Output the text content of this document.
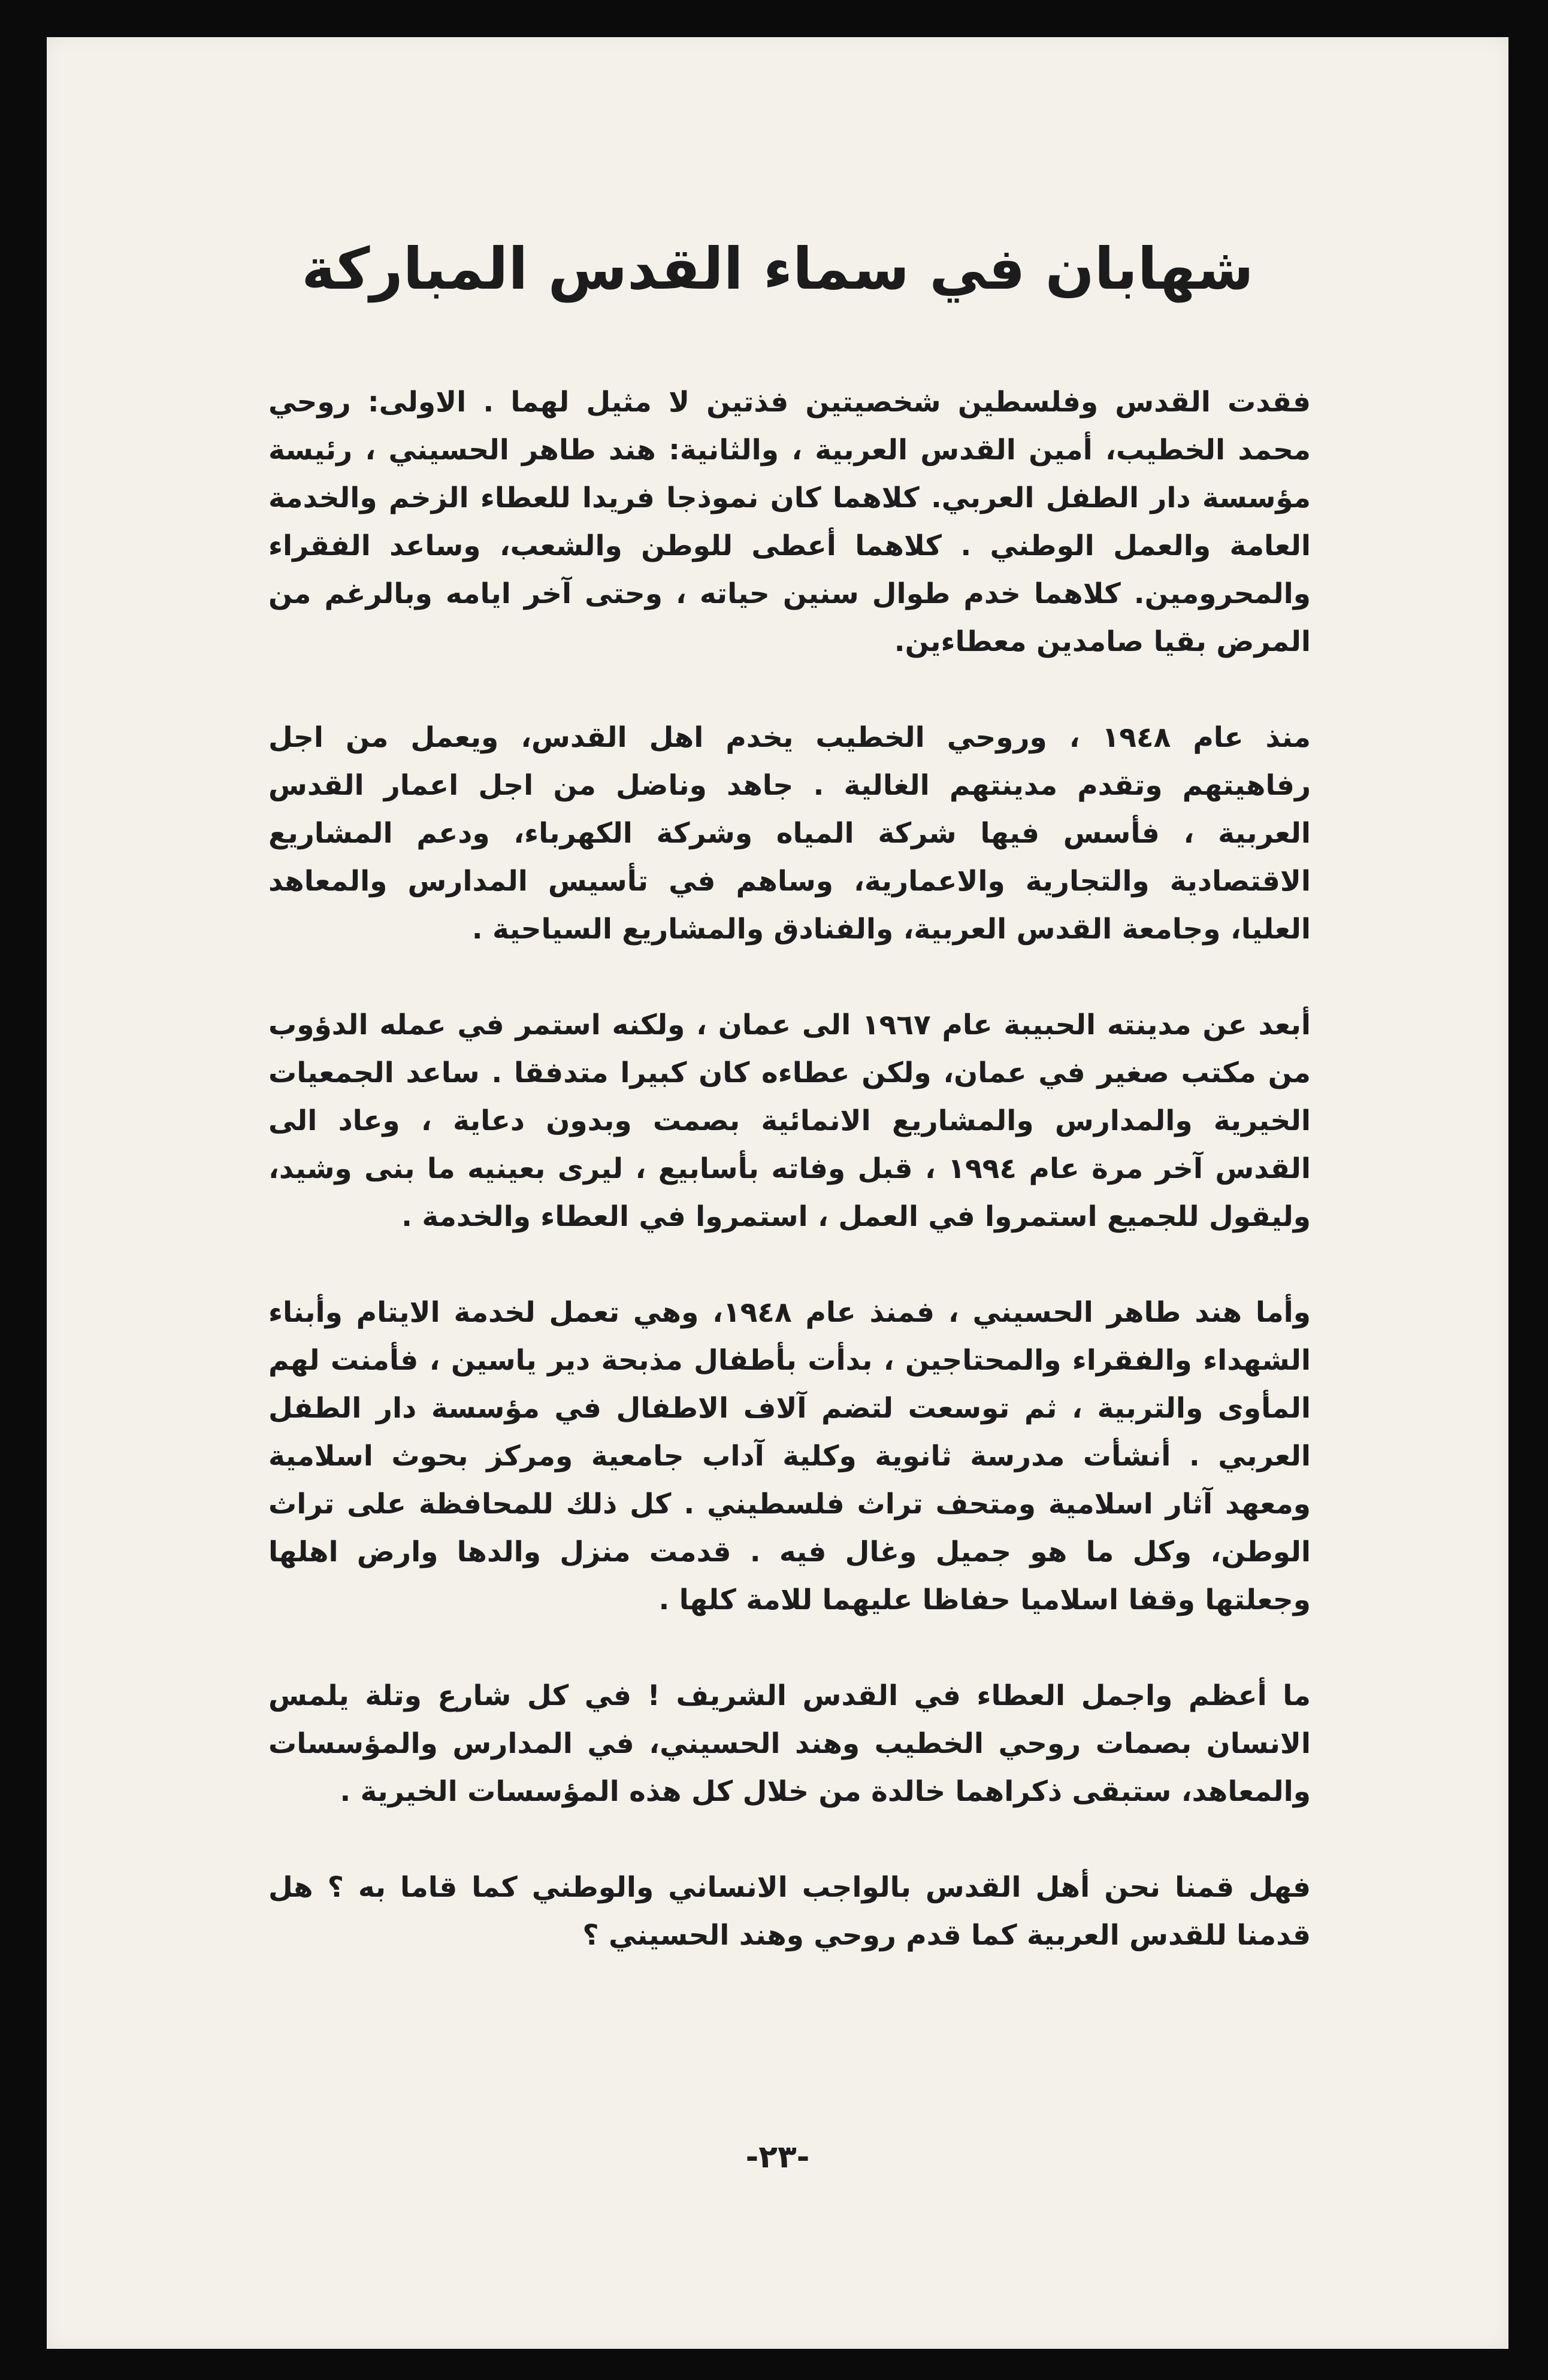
شهابان في سماء القدس المباركة

فقدت القدس وفلسطين شخصيتين فذتين لا مثيل لهما . الاولى: روحي محمد الخطيب، أمين القدس العربية ، والثانية: هند طاهر الحسيني ، رئيسة مؤسسة دار الطفل العربي. كلاهما كان نموذجا فريدا للعطاء الزخم والخدمة العامة والعمل الوطني . كلاهما أعطى للوطن والشعب، وساعد الفقراء والمحرومين. كلاهما خدم طوال سنين حياته ، وحتى آخر ايامه وبالرغم من المرض بقيا صامدين معطاءين.

منذ عام ١٩٤٨ ، وروحي الخطيب يخدم اهل القدس، ويعمل من اجل رفاهيتهم وتقدم مدينتهم الغالية . جاهد وناضل من اجل اعمار القدس العربية ، فأسس فيها شركة المياه وشركة الكهرباء، ودعم المشاريع الاقتصادية والتجارية والاعمارية، وساهم في تأسيس المدارس والمعاهد العليا، وجامعة القدس العربية، والفنادق والمشاريع السياحية .

أبعد عن مدينته الحبيبة عام ١٩٦٧ الى عمان ، ولكنه استمر في عمله الدؤوب من مكتب صغير في عمان، ولكن عطاءه كان كبيرا متدفقا . ساعد الجمعيات الخيرية والمدارس والمشاريع الانمائية بصمت وبدون دعاية ، وعاد الى القدس آخر مرة عام ١٩٩٤ ، قبل وفاته بأسابيع ، ليرى بعينيه ما بنى وشيد، وليقول للجميع استمروا في العمل ، استمروا في العطاء والخدمة .

وأما هند طاهر الحسيني ، فمنذ عام ١٩٤٨، وهي تعمل لخدمة الايتام وأبناء الشهداء والفقراء والمحتاجين ، بدأت بأطفال مذبحة دير ياسين ، فأمنت لهم المأوى والتربية ، ثم توسعت لتضم آلاف الاطفال في مؤسسة دار الطفل العربي . أنشأت مدرسة ثانوية وكلية آداب جامعية ومركز بحوث اسلامية ومعهد آثار اسلامية ومتحف تراث فلسطيني . كل ذلك للمحافظة على تراث الوطن، وكل ما هو جميل وغال فيه . قدمت منزل والدها وارض اهلها وجعلتها وقفا اسلاميا حفاظا عليهما للامة كلها .

ما أعظم واجمل العطاء في القدس الشريف ! في كل شارع وتلة يلمس الانسان بصمات روحي الخطيب وهند الحسيني، في المدارس والمؤسسات والمعاهد، ستبقى ذكراهما خالدة من خلال كل هذه المؤسسات الخيرية .

فهل قمنا نحن أهل القدس بالواجب الانساني والوطني كما قاما به ؟ هل قدمنا للقدس العربية كما قدم روحي وهند الحسيني ؟

-٢٣-
